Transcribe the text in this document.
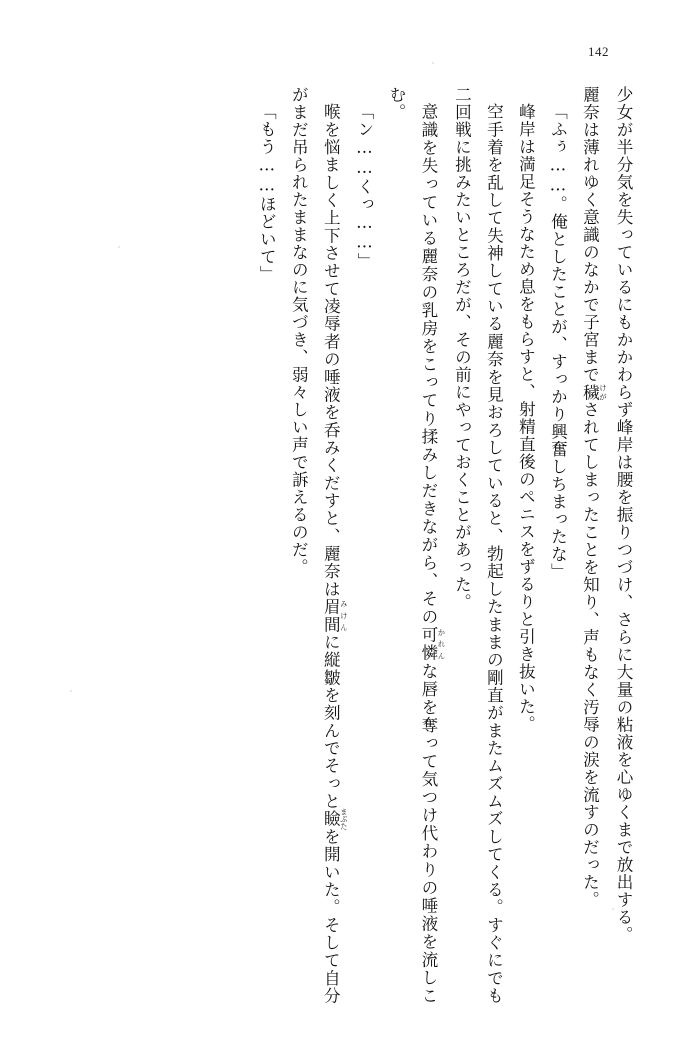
142

少女が半分気を失っているにもかかわらず峰岸は腰を振りつづけ、さらに大量の粘液を心ゆくまで放出する。

麗奈は薄れゆく意識のなかで子宮まで穢 けがされてしまったことを知り、声もなく汚辱の涙を流すのだった。

「ふぅ……。俺としたことが、すっかり興奮しちまったな」

峰岸は満足そうなため息をもらすと、射精直後のペニスをずるりと引き抜いた。

空手着を乱して失神している麗奈を見おろしていると、勃起したままの剛直がまたムズムズしてくる。すぐにでも二回戦に挑みたいところだが、その前にやっておくことがあった。

意識を失っている麗奈の乳房をこってり揉みしだきながら、その可憐 かれんな唇を奪って気つけ代わりの唾液を流しこむ。

「ン……くっ……」

喉を悩ましく上下させて凌辱者の唾液を呑みくだすと、麗奈は眉間 みけんに縦皺を刻んでそっと瞼 まぶたを開いた。そして自分がまだ吊られたままなのに気づき、弱々しい声で訴えるのだ。

「もう……ほどいて」
